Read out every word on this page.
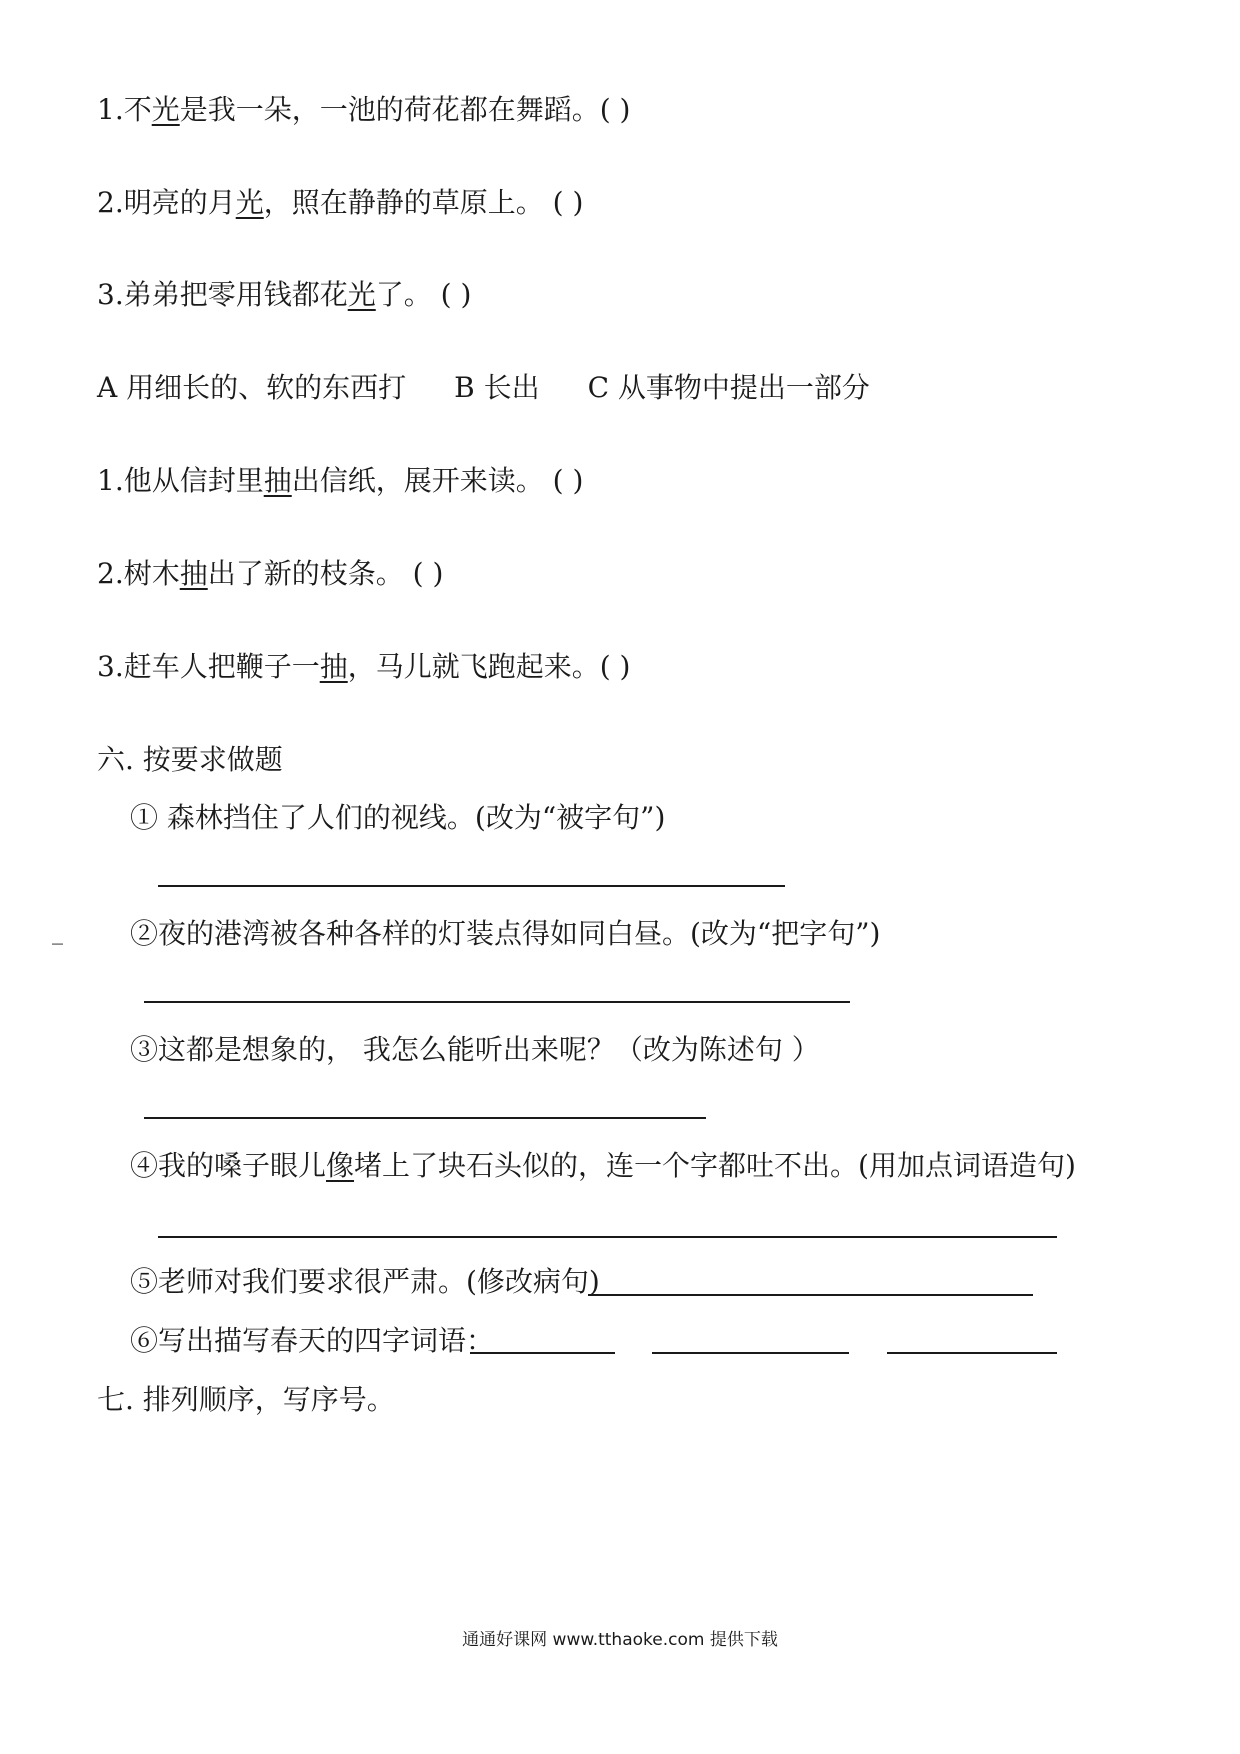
1.不光是我一朵，一池的荷花都在舞蹈。( )
2.明亮的月光，照在静静的草原上。 ( )
3.弟弟把零用钱都花光了。 ( )
A 用细长的、软的东西打 B 长出 C 从事物中提出一部分
1.他从信封里抽出信纸，展开来读。 ( )
2.树木抽出了新的枝条。 ( )
3.赶车人把鞭子一抽，马儿就飞跑起来。( )
六. 按要求做题
① 森林挡住了人们的视线。(改为“被字句”)
_ ②夜的港湾被各种各样的灯装点得如同白昼。(改为“把字句”)
③这都是想象的， 我怎么能听出来呢？（改为陈述句 ）
④我的嗓子眼儿像堵上了块石头似的，连一个字都吐不出。(用加点词语造句)
⑤老师对我们要求很严肃。(修改病句)
⑥写出描写春天的四字词语：
七. 排列顺序，写序号。
通通好课网 www.tthaoke.com 提供下载
